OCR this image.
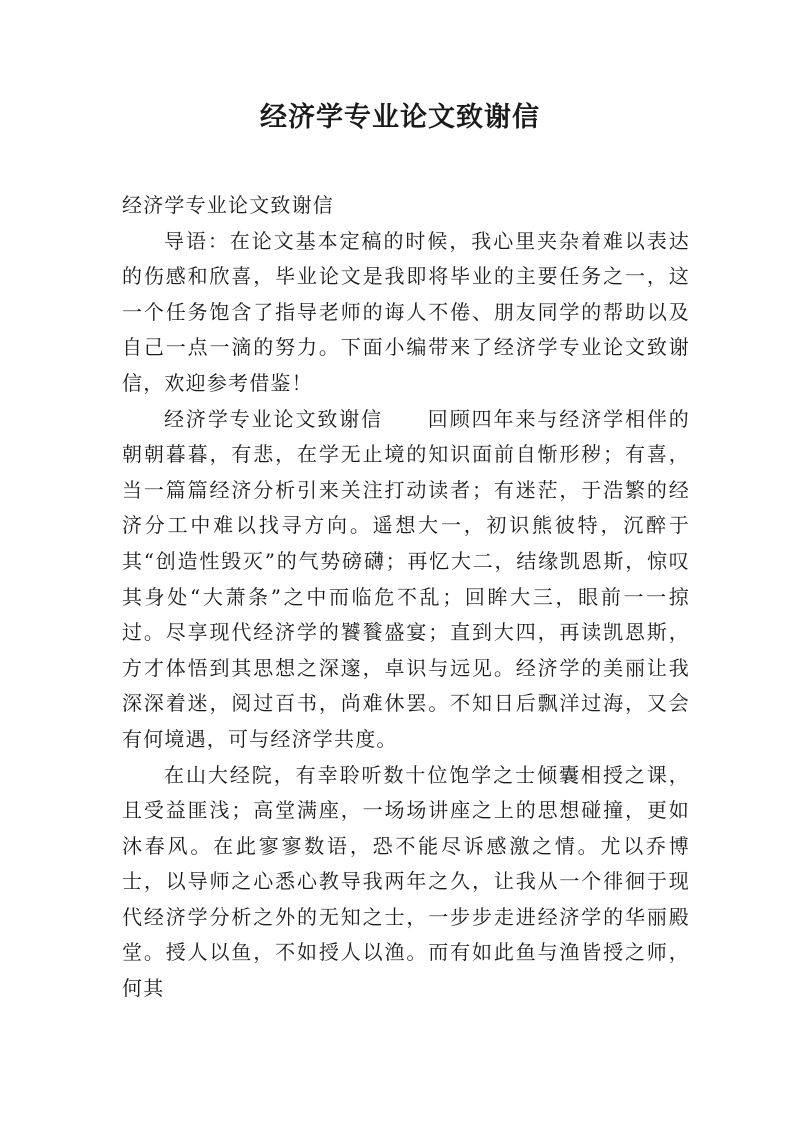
经济学专业论文致谢信

经济学专业论文致谢信

导语：在论文基本定稿的时候，我心里夹杂着难以表达的伤感和欣喜，毕业论文是我即将毕业的主要任务之一，这一个任务饱含了指导老师的诲人不倦、朋友同学的帮助以及自己一点一滴的努力。下面小编带来了经济学专业论文致谢信，欢迎参考借鉴！

经济学专业论文致谢信 回顾四年来与经济学相伴的朝朝暮暮，有悲，在学无止境的知识面前自惭形秽；有喜，当一篇篇经济分析引来关注打动读者；有迷茫，于浩繁的经济分工中难以找寻方向。遥想大一，初识熊彼特，沉醉于其“创造性毁灭”的气势磅礴；再忆大二，结缘凯恩斯，惊叹其身处“大萧条”之中而临危不乱；回眸大三，眼前一一掠过。尽享现代经济学的饕餮盛宴；直到大四，再读凯恩斯，方才体悟到其思想之深邃，卓识与远见。经济学的美丽让我深深着迷，阅过百书，尚难休罢。不知日后飘洋过海，又会有何境遇，可与经济学共度。

在山大经院，有幸聆听数十位饱学之士倾囊相授之课，且受益匪浅；高堂满座，一场场讲座之上的思想碰撞，更如沐春风。在此寥寥数语，恐不能尽诉感激之情。尤以乔博士，以导师之心悉心教导我两年之久，让我从一个徘徊于现代经济学分析之外的无知之士，一步步走进经济学的华丽殿堂。授人以鱼，不如授人以渔。而有如此鱼与渔皆授之师，何其
